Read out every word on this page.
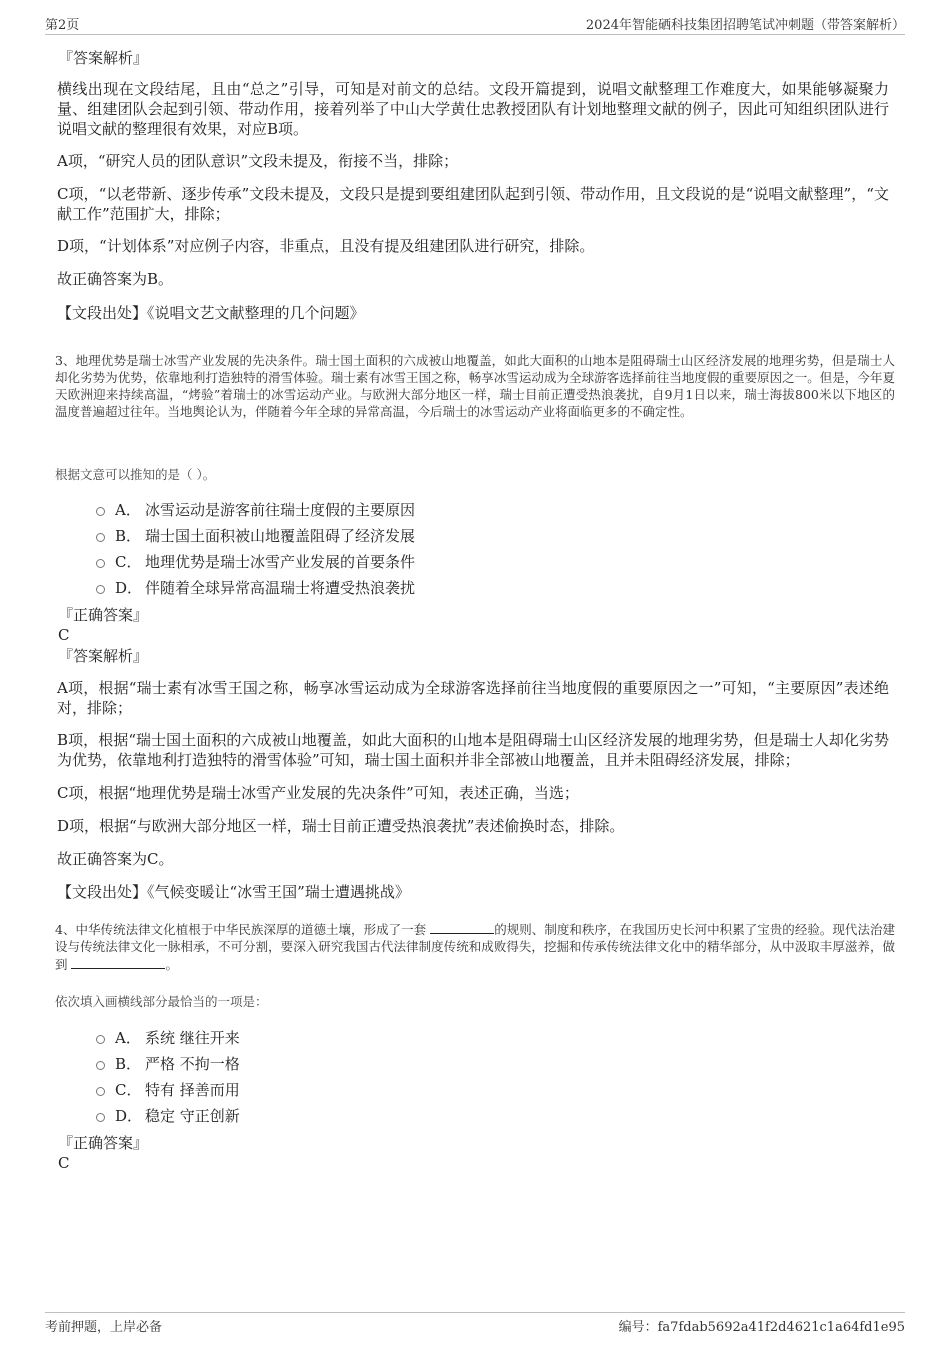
第2页	2024年智能硒科技集团招聘笔试冲刺题（带答案解析）

『答案解析』

横线出现在文段结尾，且由“总之”引导，可知是对前文的总结。文段开篇提到，说唱文献整理工作难度大，如果能够凝聚力量、组建团队会起到引领、带动作用，接着列举了中山大学黄仕忠教授团队有计划地整理文献的例子，因此可知组织团队进行说唱文献的整理很有效果，对应B项。

A项，“研究人员的团队意识”文段未提及，衔接不当，排除；

C项，“以老带新、逐步传承”文段未提及，文段只是提到要组建团队起到引领、带动作用，且文段说的是“说唱文献整理”，“文献工作”范围扩大，排除；

D项，“计划体系”对应例子内容，非重点，且没有提及组建团队进行研究，排除。

故正确答案为B。

【文段出处】《说唱文艺文献整理的几个问题》

3、地理优势是瑞士冰雪产业发展的先决条件。瑞士国土面积的六成被山地覆盖，如此大面积的山地本是阻碍瑞士山区经济发展的地理劣势，但是瑞士人却化劣势为优势，依靠地利打造独特的滑雪体验。瑞士素有冰雪王国之称，畅享冰雪运动成为全球游客选择前往当地度假的重要原因之一。但是，今年夏天欧洲迎来持续高温，“烤验”着瑞士的冰雪运动产业。与欧洲大部分地区一样，瑞士目前正遭受热浪袭扰，自9月1日以来，瑞士海拔800米以下地区的温度普遍超过往年。当地舆论认为，伴随着今年全球的异常高温，今后瑞士的冰雪运动产业将面临更多的不确定性。

根据文意可以推知的是（ ）。

A． 冰雪运动是游客前往瑞士度假的主要原因
B． 瑞士国土面积被山地覆盖阻碍了经济发展
C． 地理优势是瑞士冰雪产业发展的首要条件
D． 伴随着全球异常高温瑞士将遭受热浪袭扰

『正确答案』

C

『答案解析』

A项，根据“瑞士素有冰雪王国之称，畅享冰雪运动成为全球游客选择前往当地度假的重要原因之一”可知，“主要原因”表述绝对，排除；

B项，根据“瑞士国土面积的六成被山地覆盖，如此大面积的山地本是阻碍瑞士山区经济发展的地理劣势，但是瑞士人却化劣势为优势，依靠地利打造独特的滑雪体验”可知，瑞士国土面积并非全部被山地覆盖，且并未阻碍经济发展，排除；

C项，根据“地理优势是瑞士冰雪产业发展的先决条件”可知，表述正确，当选；

D项，根据“与欧洲大部分地区一样，瑞士目前正遭受热浪袭扰”表述偷换时态，排除。

故正确答案为C。

【文段出处】《气候变暖让“冰雪王国”瑞士遭遇挑战》

4、中华传统法律文化植根于中华民族深厚的道德土壤，形成了一套	的规则、制度和秩序，在我国历史长河中积累了宝贵的经验。现代法治建设与传统法律文化一脉相承，不可分割，要深入研究我国古代法律制度传统和成败得失，挖掘和传承传统法律文化中的精华部分，从中汲取丰厚滋养，做到	。

依次填入画横线部分最恰当的一项是：

A． 系统 继往开来
B． 严格 不拘一格
C． 特有 择善而用
D． 稳定 守正创新

『正确答案』

C

考前押题，上岸必备	编号：fa7fdab5692a41f2d4621c1a64fd1e95
